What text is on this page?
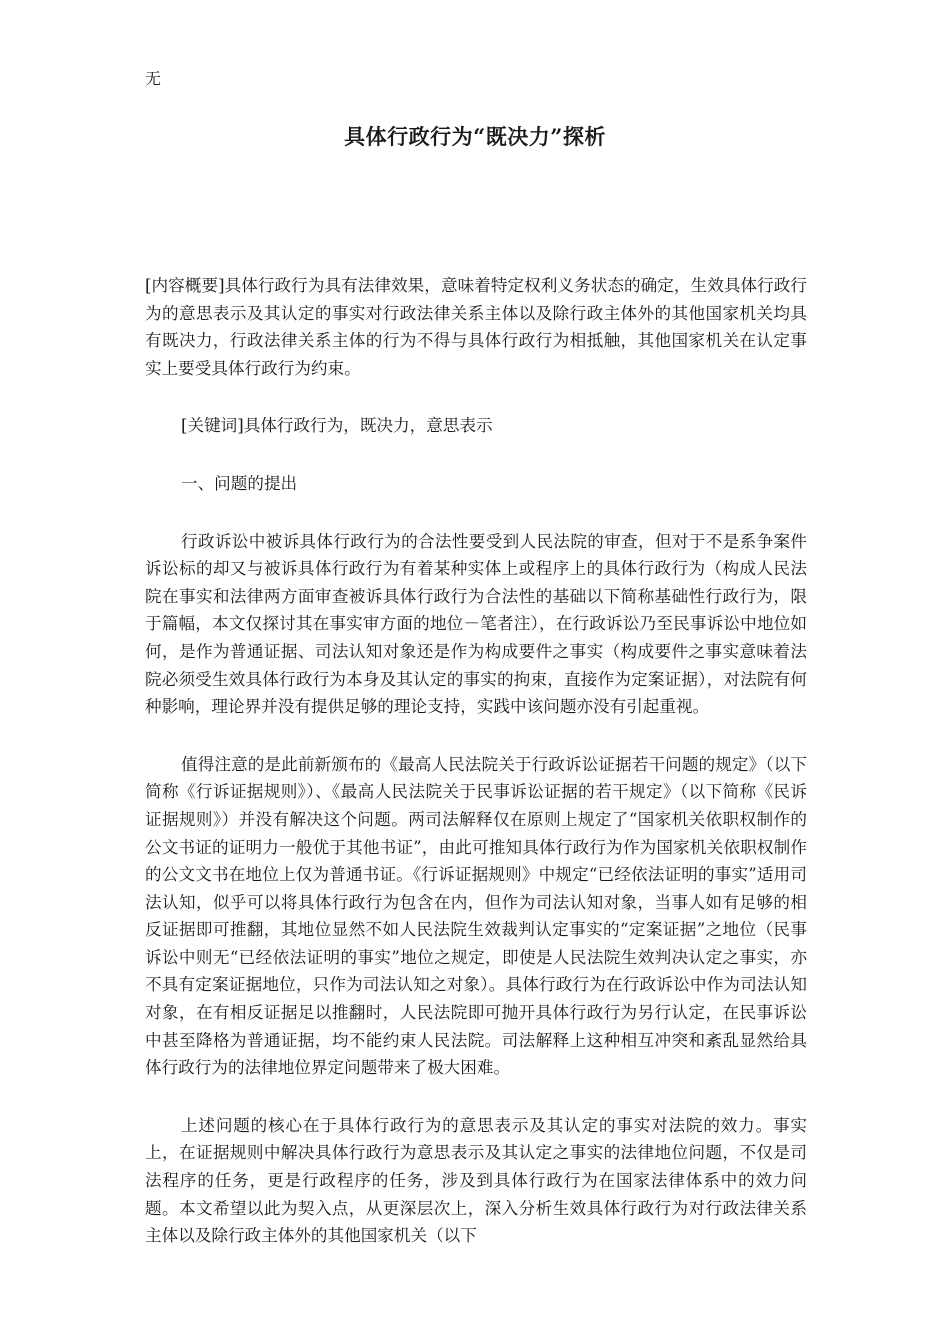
无
具体行政行为“既决力”探析

[内容概要]具体行政行为具有法律效果，意味着特定权利义务状态的确定，生效具体行政行为的意思表示及其认定的事实对行政法律关系主体以及除行政主体外的其他国家机关均具有既决力，行政法律关系主体的行为不得与具体行政行为相抵触，其他国家机关在认定事实上要受具体行政行为约束。

[关键词]具体行政行为，既决力，意思表示

一、问题的提出

行政诉讼中被诉具体行政行为的合法性要受到人民法院的审查，但对于不是系争案件诉讼标的却又与被诉具体行政行为有着某种实体上或程序上的具体行政行为（构成人民法院在事实和法律两方面审查被诉具体行政行为合法性的基础以下简称基础性行政行为，限于篇幅，本文仅探讨其在事实审方面的地位－笔者注），在行政诉讼乃至民事诉讼中地位如何，是作为普通证据、司法认知对象还是作为构成要件之事实（构成要件之事实意味着法院必须受生效具体行政行为本身及其认定的事实的拘束，直接作为定案证据），对法院有何种影响，理论界并没有提供足够的理论支持，实践中该问题亦没有引起重视。

值得注意的是此前新颁布的《最高人民法院关于行政诉讼证据若干问题的规定》（以下简称《行诉证据规则》）、《最高人民法院关于民事诉讼证据的若干规定》（以下简称《民诉证据规则》）并没有解决这个问题。两司法解释仅在原则上规定了“国家机关依职权制作的公文书证的证明力一般优于其他书证”，由此可推知具体行政行为作为国家机关依职权制作的公文文书在地位上仅为普通书证。《行诉证据规则》中规定“已经依法证明的事实”适用司法认知，似乎可以将具体行政行为包含在内，但作为司法认知对象，当事人如有足够的相反证据即可推翻，其地位显然不如人民法院生效裁判认定事实的“定案证据”之地位（民事诉讼中则无“已经依法证明的事实”地位之规定，即使是人民法院生效判决认定之事实，亦不具有定案证据地位，只作为司法认知之对象）。具体行政行为在行政诉讼中作为司法认知对象，在有相反证据足以推翻时，人民法院即可抛开具体行政行为另行认定，在民事诉讼中甚至降格为普通证据，均不能约束人民法院。司法解释上这种相互冲突和紊乱显然给具体行政行为的法律地位界定问题带来了极大困难。

上述问题的核心在于具体行政行为的意思表示及其认定的事实对法院的效力。事实上，在证据规则中解决具体行政行为意思表示及其认定之事实的法律地位问题，不仅是司法程序的任务，更是行政程序的任务，涉及到具体行政行为在国家法律体系中的效力问题。本文希望以此为契入点，从更深层次上，深入分析生效具体行政行为对行政法律关系主体以及除行政主体外的其他国家机关（以下
